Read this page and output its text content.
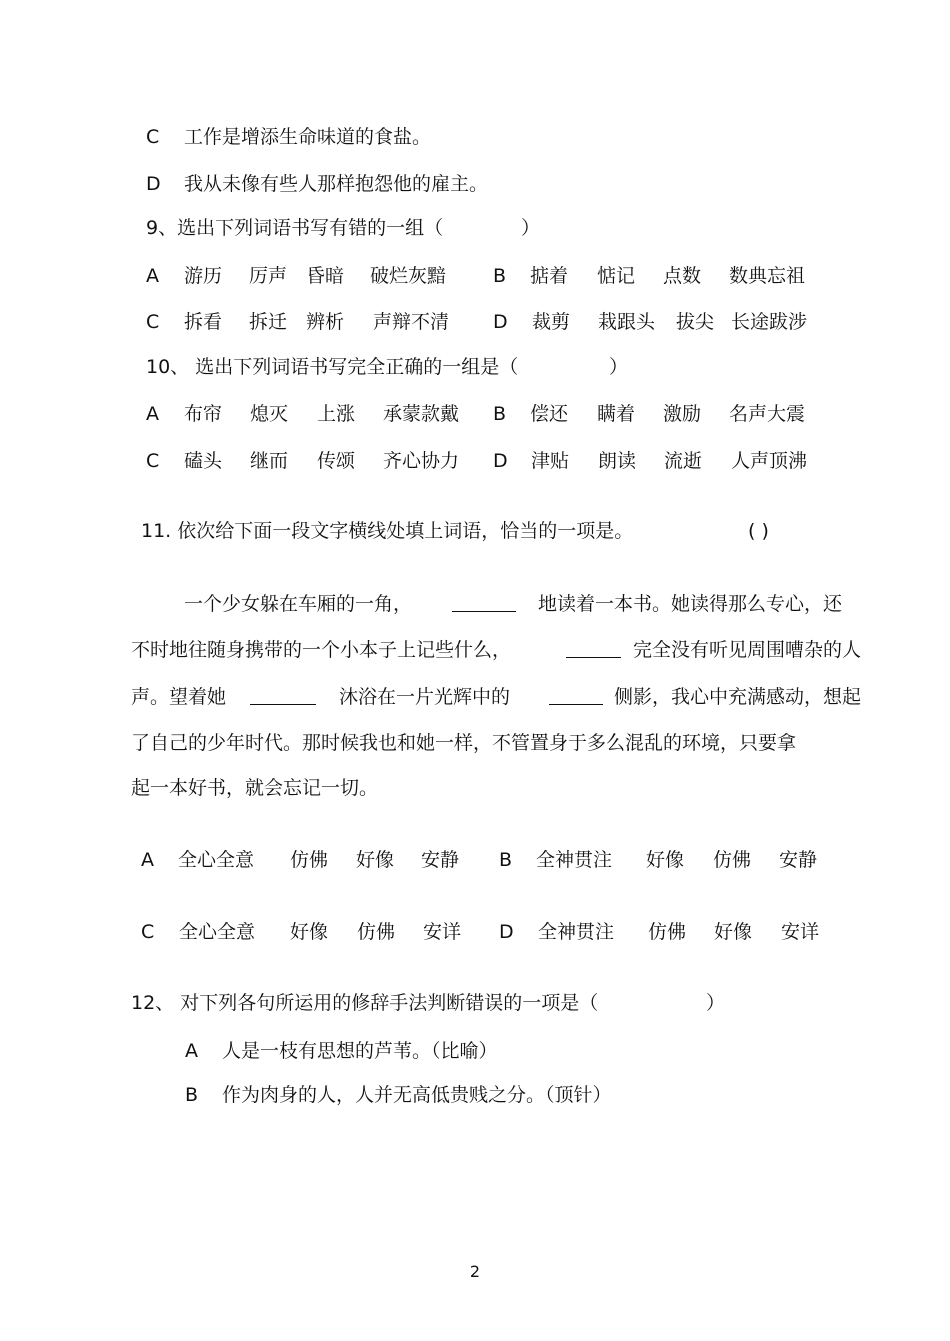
C 工作是增添生命味道的食盐。
D 我从未像有些人那样抱怨他的雇主。
9、选出下列词语书写有错的一组（	）
A 游历 厉声 昏暗 破烂灰黯 B 掂着 惦记 点数 数典忘祖
C 拆看 拆迁 辨析 声辩不清 D 裁剪 栽跟头 拔尖 长途跋涉
10、 选出下列词语书写完全正确的一组是（	）
A 布帘 熄灭 上涨 承蒙款戴 B 偿还 瞒着 激励 名声大震
C 磕头 继而 传颂 齐心协力 D 津贴 朗读 流逝 人声顶沸
11. 依次给下面一段文字横线处填上词语，恰当的一项是。	( )
一个少女躲在车厢的一角，	地读着一本书。她读得那么专心，还
不时地往随身携带的一个小本子上记些什么，	完全没有听见周围嘈杂的人
声。望着她	沐浴在一片光辉中的	侧影，我心中充满感动，想起
了自己的少年时代。那时候我也和她一样，不管置身于多么混乱的环境，只要拿
起一本好书，就会忘记一切。
A 全心全意 仿佛 好像 安静 B 全神贯注 好像 仿佛 安静
C 全心全意 好像 仿佛 安详 D 全神贯注 仿佛 好像 安详
12、 对下列各句所运用的修辞手法判断错误的一项是（	）
A 人是一枝有思想的芦苇。（比喻）
B 作为肉身的人，人并无高低贵贱之分。（顶针）
2
